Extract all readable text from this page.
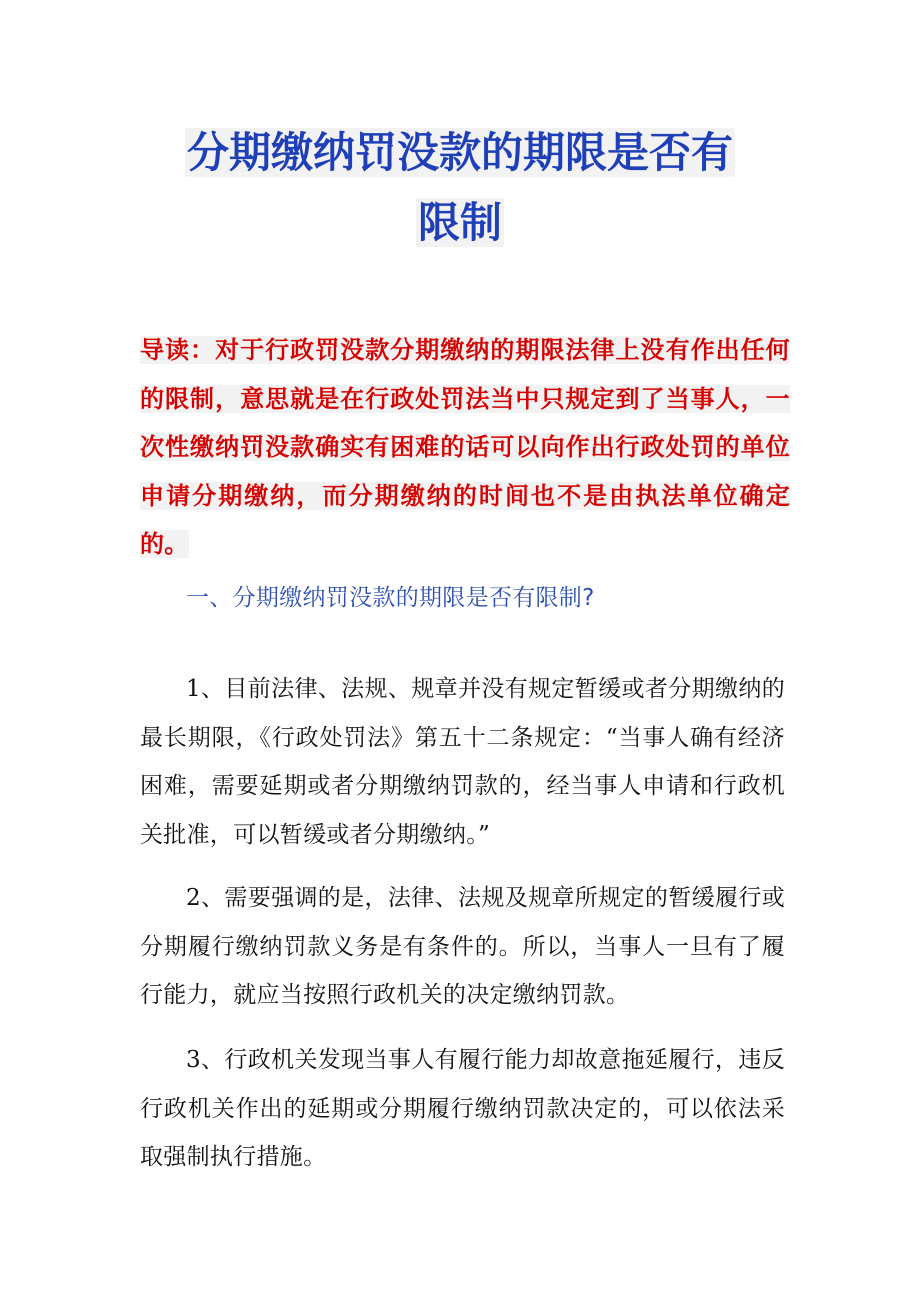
分期缴纳罚没款的期限是否有
限制
导读：对于行政罚没款分期缴纳的期限法律上没有作出任何的限制，意思就是在行政处罚法当中只规定到了当事人，一次性缴纳罚没款确实有困难的话可以向作出行政处罚的单位申请分期缴纳，而分期缴纳的时间也不是由执法单位确定的。
一、分期缴纳罚没款的期限是否有限制?

1、目前法律、法规、规章并没有规定暂缓或者分期缴纳的最长期限，《行政处罚法》第五十二条规定：“当事人确有经济困难，需要延期或者分期缴纳罚款的，经当事人申请和行政机关批准，可以暂缓或者分期缴纳。”

2、需要强调的是，法律、法规及规章所规定的暂缓履行或分期履行缴纳罚款义务是有条件的。所以，当事人一旦有了履行能力，就应当按照行政机关的决定缴纳罚款。

3、行政机关发现当事人有履行能力却故意拖延履行，违反行政机关作出的延期或分期履行缴纳罚款决定的，可以依法采取强制执行措施。
